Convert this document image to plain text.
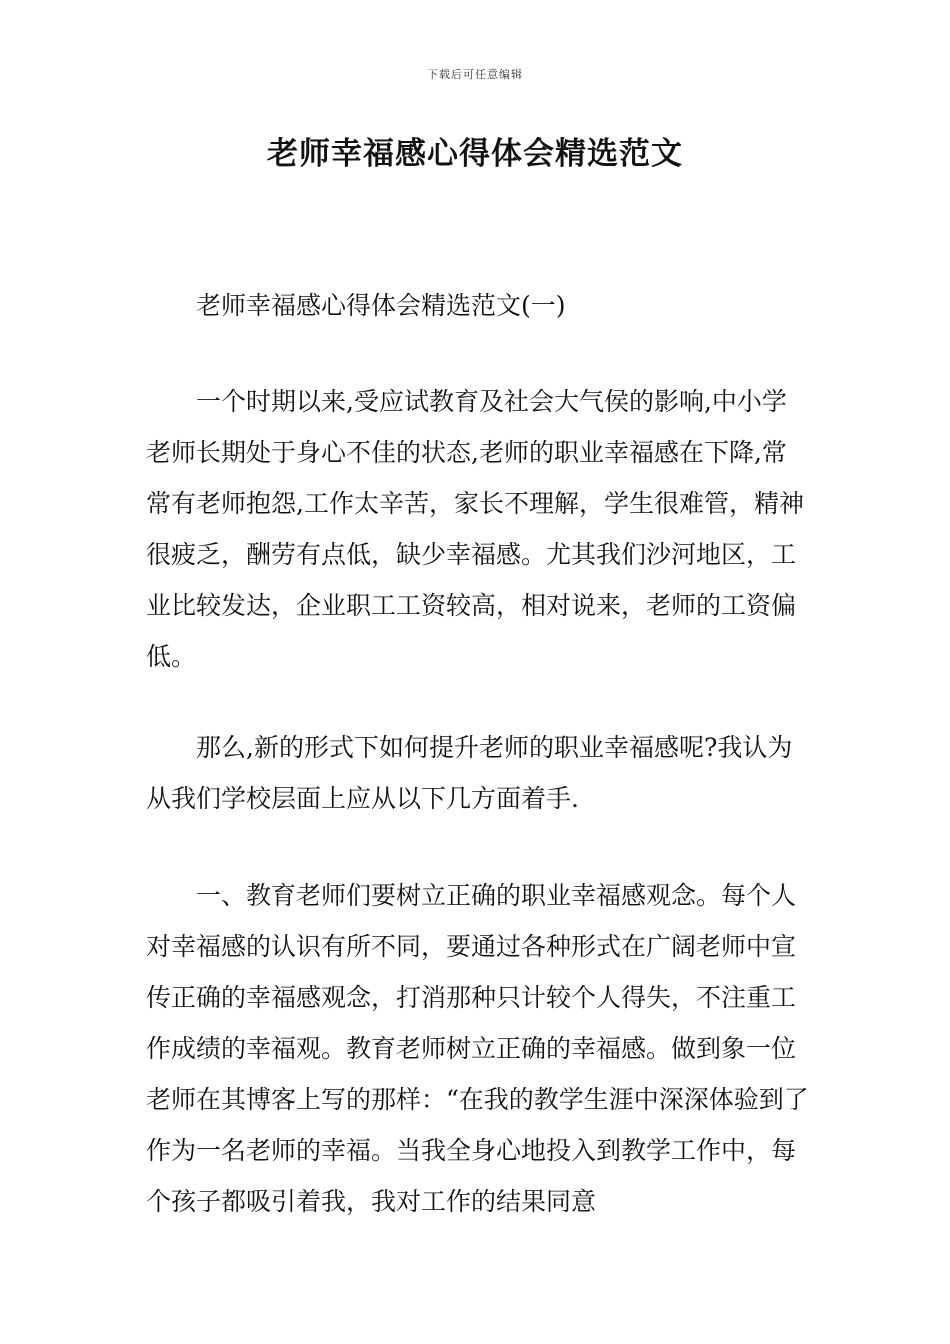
下载后可任意编辑
老师幸福感心得体会精选范文

老师幸福感心得体会精选范文(一)

一个时期以来,受应试教育及社会大气侯的影响,中小学老师长期处于身心不佳的状态,老师的职业幸福感在下降,常常有老师抱怨,工作太辛苦，家长不理解，学生很难管，精神很疲乏，酬劳有点低，缺少幸福感。尤其我们沙河地区，工业比较发达，企业职工工资较高，相对说来，老师的工资偏低。

那么,新的形式下如何提升老师的职业幸福感呢?我认为从我们学校层面上应从以下几方面着手.

一、教育老师们要树立正确的职业幸福感观念。每个人对幸福感的认识有所不同，要通过各种形式在广阔老师中宣传正确的幸福感观念，打消那种只计较个人得失，不注重工作成绩的幸福观。教育老师树立正确的幸福感。做到象一位老师在其博客上写的那样：“在我的教学生涯中深深体验到了作为一名老师的幸福。当我全身心地投入到教学工作中，每个孩子都吸引着我，我对工作的结果同意
